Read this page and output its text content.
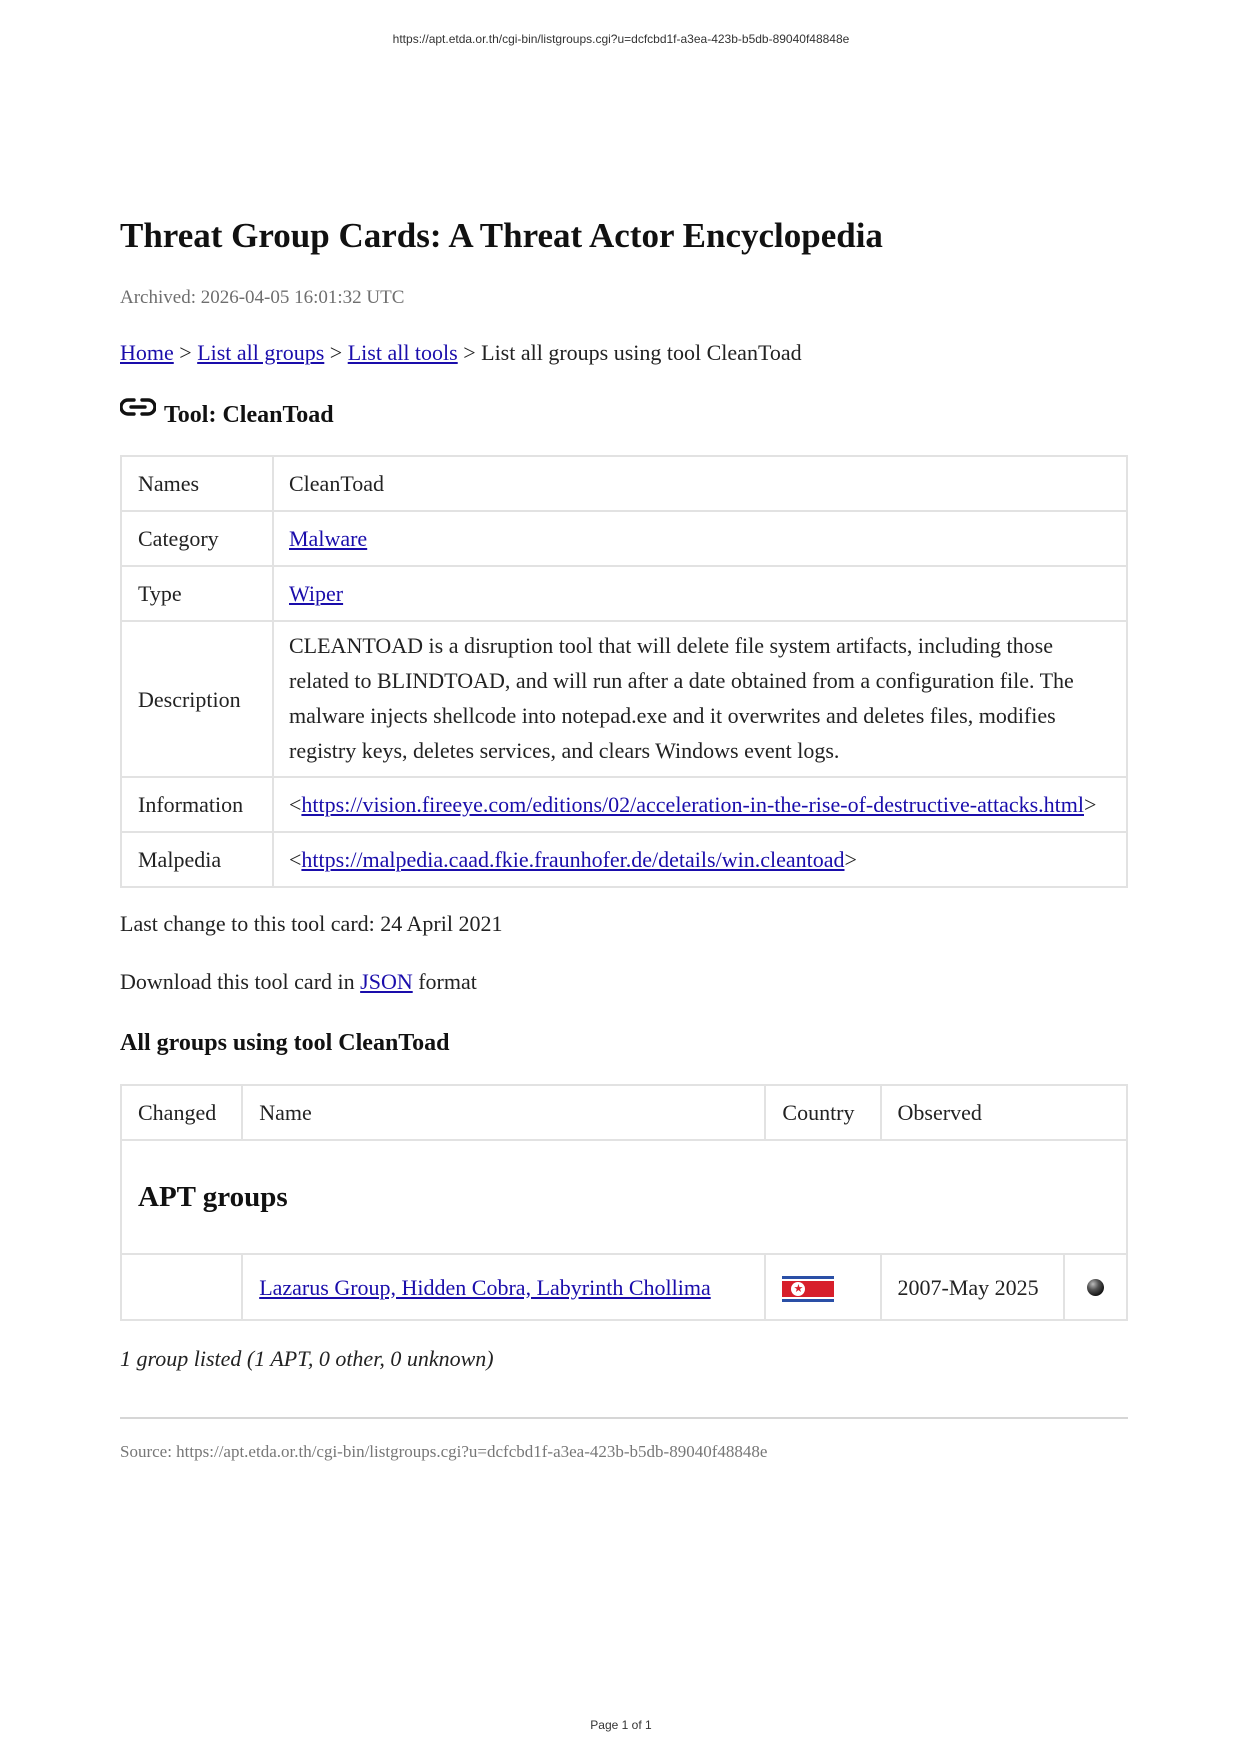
https://apt.etda.or.th/cgi-bin/listgroups.cgi?u=dcfcbd1f-a3ea-423b-b5db-89040f48848e
Threat Group Cards: A Threat Actor Encyclopedia
Archived: 2026-04-05 16:01:32 UTC
Home > List all groups > List all tools > List all groups using tool CleanToad
Tool: CleanToad
Names	CleanToad
Category	Malware
Type	Wiper
Description	CLEANTOAD is a disruption tool that will delete file system artifacts, including those related to BLINDTOAD, and will run after a date obtained from a configuration file. The malware injects shellcode into notepad.exe and it overwrites and deletes files, modifies registry keys, deletes services, and clears Windows event logs.
Information	<https://vision.fireeye.com/editions/02/acceleration-in-the-rise-of-destructive-attacks.html>
Malpedia	<https://malpedia.caad.fkie.fraunhofer.de/details/win.cleantoad>
Last change to this tool card: 24 April 2021
Download this tool card in JSON format
All groups using tool CleanToad
Changed	Name	Country	Observed	
APT groups				
	Lazarus Group, Hidden Cobra, Labyrinth Chollima	★	2007-May 2025	
1 group listed (1 APT, 0 other, 0 unknown)
Source: https://apt.etda.or.th/cgi-bin/listgroups.cgi?u=dcfcbd1f-a3ea-423b-b5db-89040f48848e
Page 1 of 1
